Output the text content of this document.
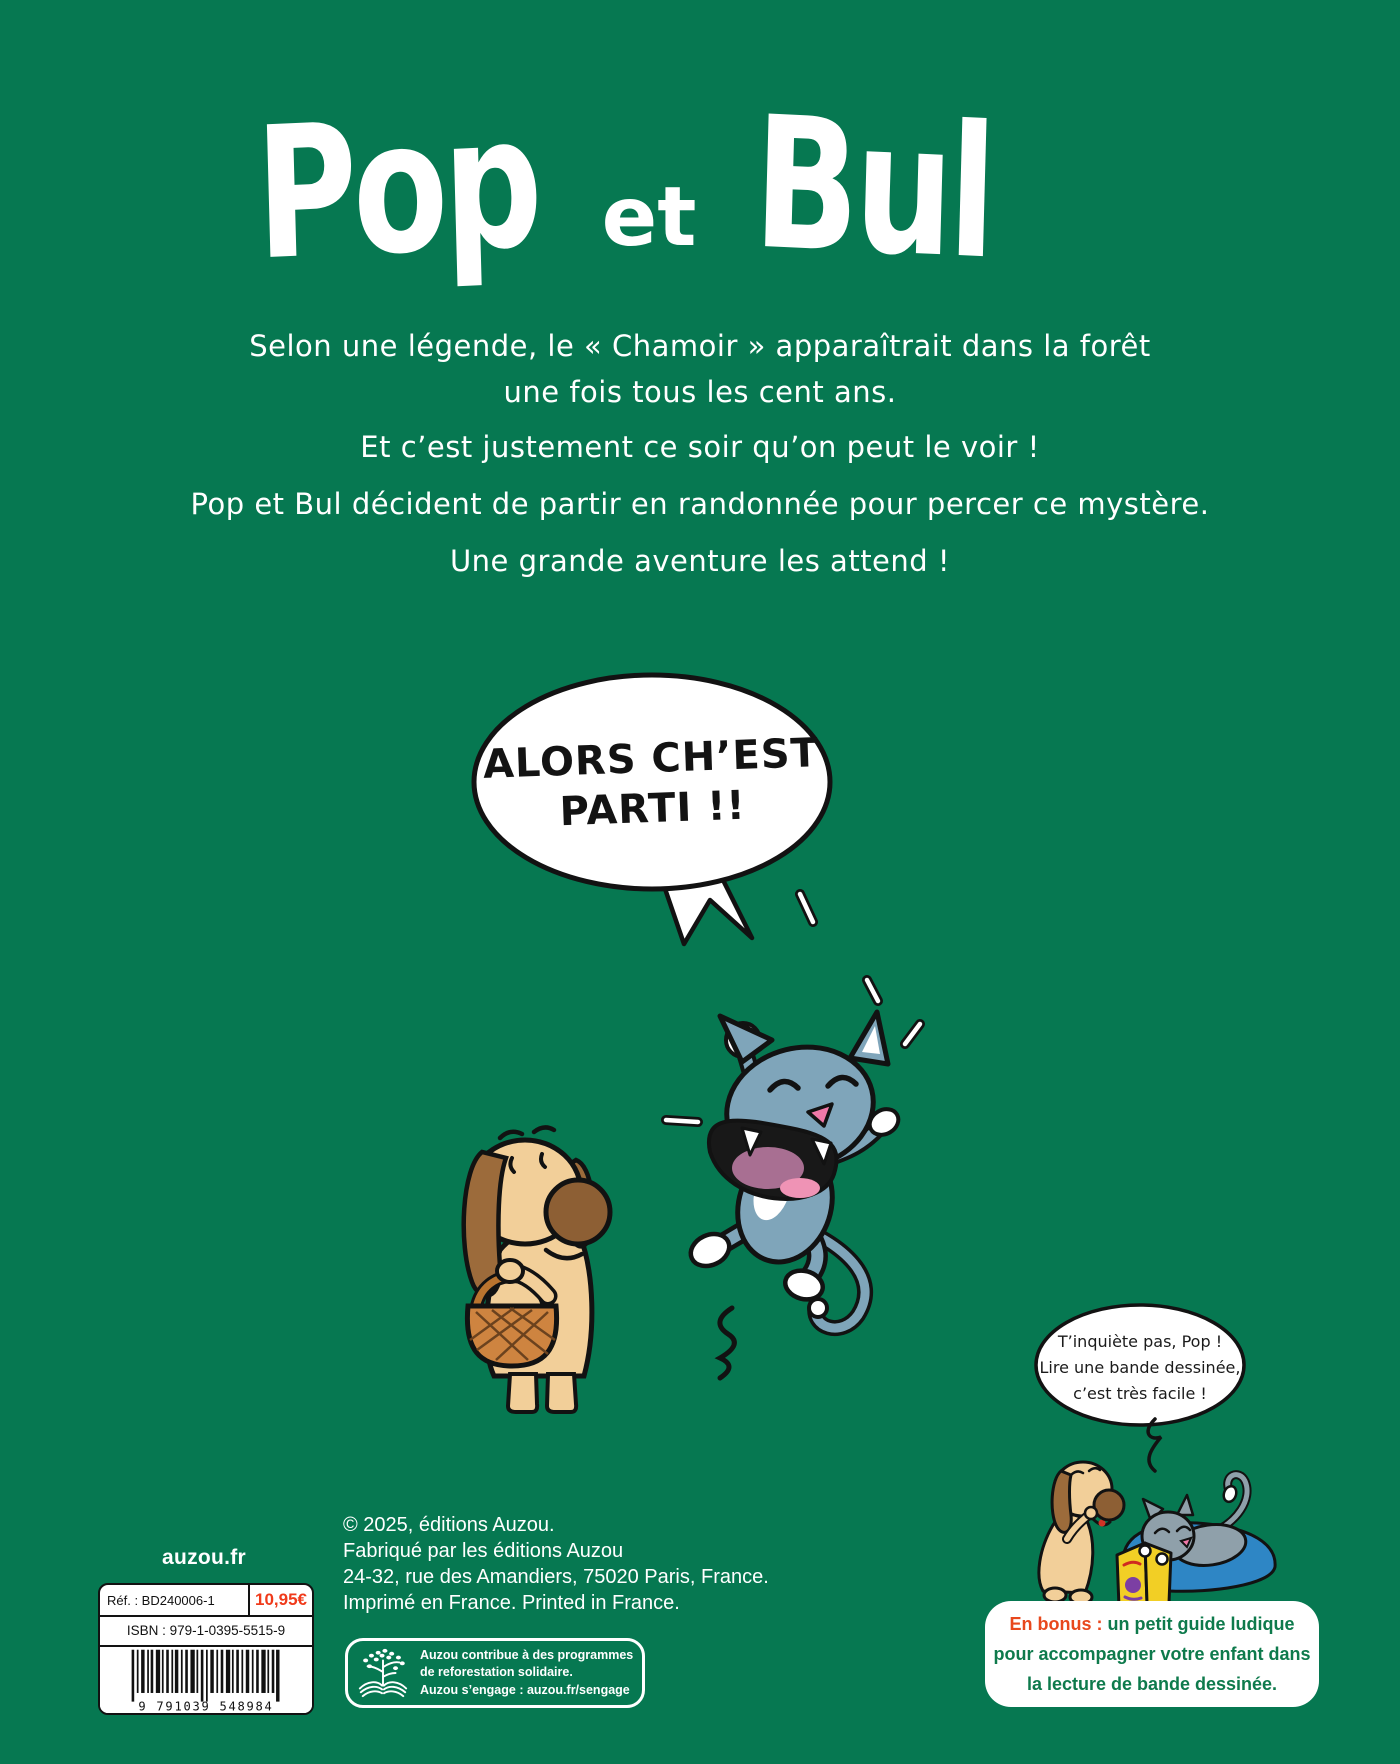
Pop et Bul
Selon une légende, le « Chamoir » apparaîtrait dans la forêt
une fois tous les cent ans.
Et c’est justement ce soir qu’on peut le voir !
Pop et Bul décident de partir en randonnée pour percer ce mystère.
Une grande aventure les attend !
ALORS CH’EST
PARTI !!
T’inquiète pas, Pop !
Lire une bande dessinée,
c’est très facile !
auzou.fr
Réf. : BD240006-1	10,95€
ISBN : 979-1-0395-5515-9
9 791039 548984
© 2025, éditions Auzou.
Fabriqué par les éditions Auzou
24-32, rue des Amandiers, 75020 Paris, France.
Imprimé en France. Printed in France.
Auzou contribue à des programmes
de reforestation solidaire.
Auzou s’engage : auzou.fr/sengage

En bonus : un petit guide ludique pour accompagner votre enfant dans la lecture de bande dessinée.
